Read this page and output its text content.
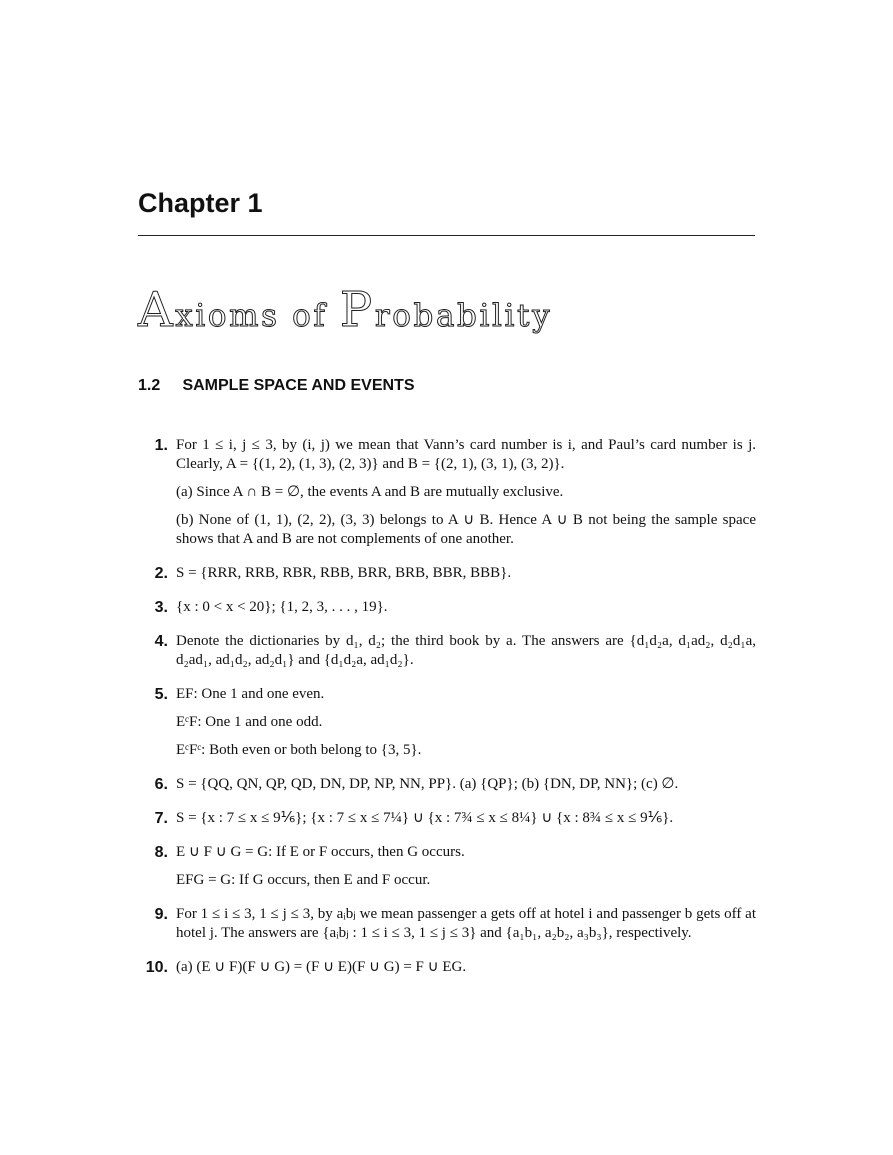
Chapter 1
Axioms of Probability
1.2 SAMPLE SPACE AND EVENTS
1. For 1 ≤ i, j ≤ 3, by (i, j) we mean that Vann’s card number is i, and Paul’s card number is j. Clearly, A = {(1, 2), (1, 3), (2, 3)} and B = {(2, 1), (3, 1), (3, 2)}.

(a) Since A ∩ B = ∅, the events A and B are mutually exclusive.

(b) None of (1, 1), (2, 2), (3, 3) belongs to A ∪ B. Hence A ∪ B not being the sample space shows that A and B are not complements of one another.

2. S = {RRR, RRB, RBR, RBB, BRR, BRB, BBR, BBB}.

3. {x : 0 < x < 20}; {1, 2, 3, . . . , 19}.

4. Denote the dictionaries by d₁, d₂; the third book by a. The answers are {d₁d₂a, d₁ad₂, d₂d₁a, d₂ad₁, ad₁d₂, ad₂d₁} and {d₁d₂a, ad₁d₂}.

5. EF: One 1 and one even.

EᶜF: One 1 and one odd.

EᶜFᶜ: Both even or both belong to {3, 5}.

6. S = {QQ, QN, QP, QD, DN, DP, NP, NN, PP}. (a) {QP}; (b) {DN, DP, NN}; (c) ∅.

7. S = {x : 7 ≤ x ≤ 9⅙}; {x : 7 ≤ x ≤ 7¼} ∪ {x : 7¾ ≤ x ≤ 8¼} ∪ {x : 8¾ ≤ x ≤ 9⅙}.

8. E ∪ F ∪ G = G: If E or F occurs, then G occurs.

EFG = G: If G occurs, then E and F occur.

9. For 1 ≤ i ≤ 3, 1 ≤ j ≤ 3, by aᵢbⱼ we mean passenger a gets off at hotel i and passenger b gets off at hotel j. The answers are {aᵢbⱼ : 1 ≤ i ≤ 3, 1 ≤ j ≤ 3} and {a₁b₁, a₂b₂, a₃b₃}, respectively.

10. (a) (E ∪ F)(F ∪ G) = (F ∪ E)(F ∪ G) = F ∪ EG.
